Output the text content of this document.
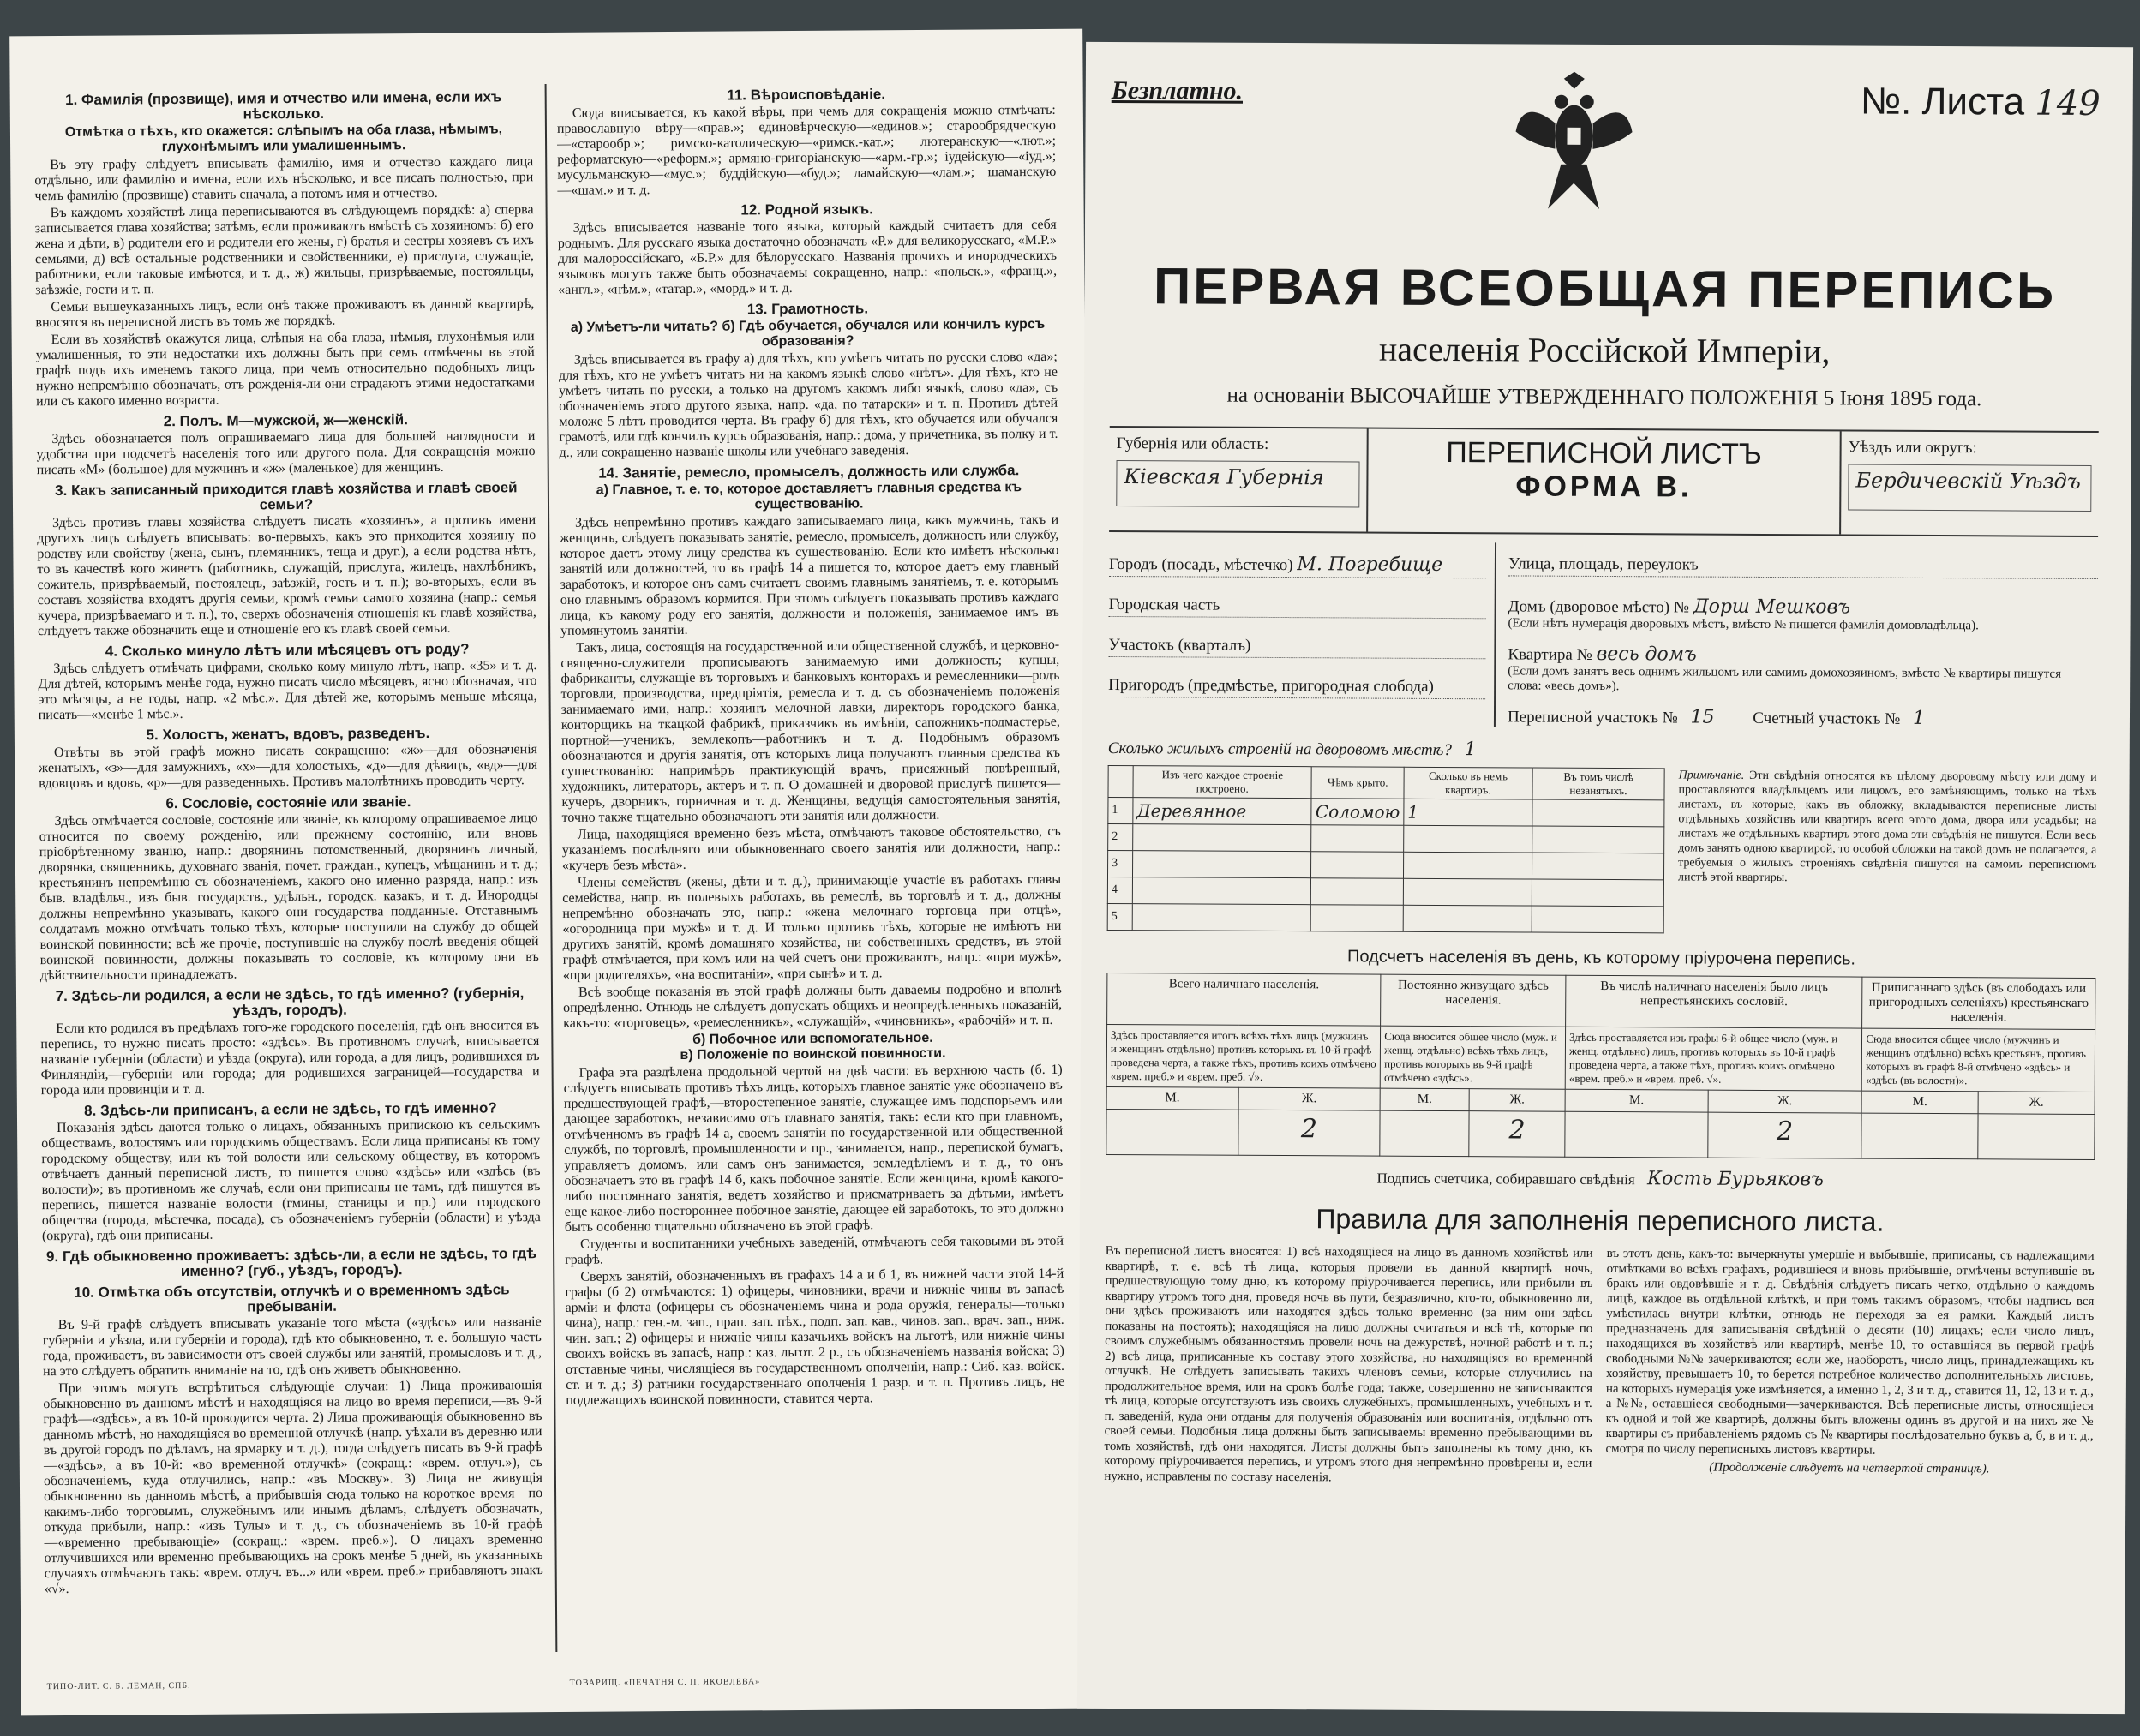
1. Фамилія (прозвище), имя и отчество или имена, если ихъ нѣсколько.
Отмѣтка о тѣхъ, кто окажется: слѣпымъ на оба глаза, нѣмымъ, глухонѣмымъ или умалишеннымъ.
Въ эту графу слѣдуетъ вписывать фамилію, имя и отчество каждаго лица отдѣльно, или фамилію и имена, если ихъ нѣсколько, и все писать полностью, при чемъ фамилію (прозвище) ставить сначала, а потомъ имя и отчество.
Въ каждомъ хозяйствѣ лица переписываются въ слѣдующемъ порядкѣ: а) сперва записывается глава хозяйства; затѣмъ, если проживаютъ вмѣстѣ съ хозяиномъ: б) его жена и дѣти, в) родители его и родители его жены, г) братья и сестры хозяевъ съ ихъ семьями, д) всѣ остальные родственники и свойственники, е) прислуга, служащіе, работники, если таковые имѣются, и т. д., ж) жильцы, призрѣваемые, постояльцы, заѣзжіе, гости и т. п.
Семьи вышеуказанныхъ лицъ, если онѣ также проживаютъ въ данной квартирѣ, вносятся въ переписной листъ въ томъ же порядкѣ.
Если въ хозяйствѣ окажутся лица, слѣпыя на оба глаза, нѣмыя, глухонѣмыя или умалишенныя, то эти недостатки ихъ должны быть при семъ отмѣчены въ этой графѣ подъ ихъ именемъ такого лица, при чемъ относительно подобныхъ лицъ нужно непремѣнно обозначать, отъ рожденія-ли они страдаютъ этими недостатками или съ какого именно возраста.
2. Полъ. М—мужской, ж—женскій.
Здѣсь обозначается полъ опрашиваемаго лица для большей наглядности и удобства при подсчетѣ населенія того или другого пола. Для сокращенія можно писать «М» (большое) для мужчинъ и «ж» (маленькое) для женщинъ.
3. Какъ записанный приходится главѣ хозяйства и главѣ своей семьи?
Здѣсь противъ главы хозяйства слѣдуетъ писать «хозяинъ», а противъ имени другихъ лицъ слѣдуетъ вписывать: во-первыхъ, какъ это приходится хозяину по родству или свойству (жена, сынъ, племянникъ, теща и друг.), а если родства нѣтъ, то въ качествѣ кого живетъ (работникъ, служащій, прислуга, жилецъ, нахлѣбникъ, сожитель, призрѣваемый, постоялецъ, заѣзжій, гость и т. п.); во-вторыхъ, если въ составъ хозяйства входятъ другія семьи, кромѣ семьи самого хозяина (напр.: семья кучера, призрѣваемаго и т. п.), то, сверхъ обозначенія отношенія къ главѣ хозяйства, слѣдуетъ также обозначить еще и отношеніе его къ главѣ своей семьи.
4. Сколько минуло лѣтъ или мѣсяцевъ отъ роду?
Здѣсь слѣдуетъ отмѣчать цифрами, сколько кому минуло лѣтъ, напр. «35» и т. д. Для дѣтей, которымъ менѣе года, нужно писать число мѣсяцевъ, ясно обозначая, что это мѣсяцы, а не годы, напр. «2 мѣс.». Для дѣтей же, которымъ меньше мѣсяца, писать—«менѣе 1 мѣс.».
5. Холостъ, женатъ, вдовъ, разведенъ.
Отвѣты въ этой графѣ можно писать сокращенно: «ж»—для обозначенія женатыхъ, «з»—для замужнихъ, «х»—для холостыхъ, «д»—для дѣвицъ, «вд»—для вдовцовъ и вдовъ, «р»—для разведенныхъ. Противъ малолѣтнихъ проводить черту.
6. Сословіе, состояніе или званіе.
Здѣсь отмѣчается сословіе, состояніе или званіе, къ которому опрашиваемое лицо относится по своему рожденію, или прежнему состоянію, или вновь пріобрѣтенному званію, напр.: дворянинъ потомственный, дворянинъ личный, дворянка, священникъ, духовнаго званія, почет. граждан., купецъ, мѣщанинъ и т. д.; крестьянинъ непремѣнно съ обозначеніемъ, какого оно именно разряда, напр.: изъ быв. владѣльч., изъ быв. государств., удѣльн., городск. казакъ, и т. д. Инородцы должны непремѣнно указывать, какого они государства подданные. Отставнымъ солдатамъ можно отмѣчать только тѣхъ, которые поступили на службу до общей воинской повинности; всѣ же прочіе, поступившіе на службу послѣ введенія общей воинской повинности, должны показывать то сословіе, къ которому они въ дѣйствительности принадлежатъ.
7. Здѣсь-ли родился, а если не здѣсь, то гдѣ именно? (губернія, уѣздъ, городъ).
Если кто родился въ предѣлахъ того-же городского поселенія, гдѣ онъ вносится въ перепись, то нужно писать просто: «здѣсь». Въ противномъ случаѣ, вписывается названіе губерніи (области) и уѣзда (округа), или города, а для лицъ, родившихся въ Финляндіи,—губерніи или города; для родившихся заграницей—государства и города или провинціи и т. д.
8. Здѣсь-ли приписанъ, а если не здѣсь, то гдѣ именно?
Показанія здѣсь даются только о лицахъ, обязанныхъ припискою къ сельскимъ обществамъ, волостямъ или городскимъ обществамъ. Если лица приписаны къ тому городскому обществу, или къ той волости или сельскому обществу, въ которомъ отвѣчаетъ данный переписной листъ, то пишется слово «здѣсь» или «здѣсь (въ волости)»; въ противномъ же случаѣ, если они приписаны не тамъ, гдѣ пишутся въ перепись, пишется названіе волости (гмины, станицы и пр.) или городского общества (города, мѣстечка, посада), съ обозначеніемъ губерніи (области) и уѣзда (округа), гдѣ они приписаны.
9. Гдѣ обыкновенно проживаетъ: здѣсь-ли, а если не здѣсь, то гдѣ именно? (губ., уѣздъ, городъ).
10. Отмѣтка объ отсутствіи, отлучкѣ и о временномъ здѣсь пребываніи.
Въ 9-й графѣ слѣдуетъ вписывать указаніе того мѣста («здѣсь» или названіе губерніи и уѣзда, или губерніи и города), гдѣ кто обыкновенно, т. е. большую часть года, проживаетъ, въ зависимости отъ своей службы или занятій, промысловъ и т. д., на это слѣдуетъ обратить вниманіе на то, гдѣ онъ живетъ обыкновенно.
При этомъ могутъ встрѣтиться слѣдующіе случаи: 1) Лица проживающія обыкновенно въ данномъ мѣстѣ и находящіяся на лицо во время переписи,—въ 9-й графѣ—«здѣсь», а въ 10-й проводится черта. 2) Лица проживающія обыкновенно въ данномъ мѣстѣ, но находящіяся во временной отлучкѣ (напр. уѣхали въ деревню или въ другой городъ по дѣламъ, на ярмарку и т. д.), тогда слѣдуетъ писать въ 9-й графѣ—«здѣсь», а въ 10-й: «во временной отлучкѣ» (сокращ.: «врем. отлуч.»), съ обозначеніемъ, куда отлучились, напр.: «въ Москву». 3) Лица не живущія обыкновенно въ данномъ мѣстѣ, а прибывшія сюда только на короткое время—по какимъ-либо торговымъ, служебнымъ или инымъ дѣламъ, слѣдуетъ обозначать, откуда прибыли, напр.: «изъ Тулы» и т. д., съ обозначеніемъ въ 10-й графѣ—«временно пребывающіе» (сокращ.: «врем. преб.»). О лицахъ временно отлучившихся или временно пребывающихъ на срокъ менѣе 5 дней, въ указанныхъ случаяхъ отмѣчаютъ такъ: «врем. отлуч. въ...» или «врем. преб.» прибавляютъ знакъ «√».
11. Вѣроисповѣданіе.
Сюда вписывается, къ какой вѣры, при чемъ для сокращенія можно отмѣчать: православную вѣру—«прав.»; единовѣрческую—«единов.»; старообрядческую—«старообр.»; римско-католическую—«римск.-кат.»; лютеранскую—«лют.»; реформатскую—«реформ.»; армяно-григоріанскую—«арм.-гр.»; іудейскую—«іуд.»; мусульманскую—«мус.»; буддійскую—«буд.»; ламайскую—«лам.»; шаманскую—«шам.» и т. д.
12. Родной языкъ.
Здѣсь вписывается названіе того языка, который каждый считаетъ для себя роднымъ. Для русскаго языка достаточно обозначать «Р.» для великорусскаго, «М.Р.» для малороссійскаго, «Б.Р.» для бѣлорусскаго. Названія прочихъ и инородческихъ языковъ могутъ также быть обозначаемы сокращенно, напр.: «польск.», «франц.», «англ.», «нѣм.», «татар.», «морд.» и т. д.
13. Грамотность.
а) Умѣетъ-ли читать? б) Гдѣ обучается, обучался или кончилъ курсъ образованія?
Здѣсь вписывается въ графу а) для тѣхъ, кто умѣетъ читать по русски слово «да»; для тѣхъ, кто не умѣетъ читать ни на какомъ языкѣ слово «нѣтъ». Для тѣхъ, кто не умѣетъ читать по русски, а только на другомъ какомъ либо языкѣ, слово «да», съ обозначеніемъ этого другого языка, напр. «да, по татарски» и т. п. Противъ дѣтей моложе 5 лѣтъ проводится черта. Въ графу б) для тѣхъ, кто обучается или обучался грамотѣ, или гдѣ кончилъ курсъ образованія, напр.: дома, у причетника, въ полку и т. д., или сокращенно названіе школы или учебнаго заведенія.
14. Занятіе, ремесло, промыселъ, должность или служба.
а) Главное, т. е. то, которое доставляетъ главныя средства къ существованію.
Здѣсь непремѣнно противъ каждаго записываемаго лица, какъ мужчинъ, такъ и женщинъ, слѣдуетъ показывать занятіе, ремесло, промыселъ, должность или службу, которое даетъ этому лицу средства къ существованію. Если кто имѣетъ нѣсколько занятій или должностей, то въ графѣ 14 а пишется то, которое даетъ ему главный заработокъ, и которое онъ самъ считаетъ своимъ главнымъ занятіемъ, т. е. которымъ оно главнымъ образомъ кормится. При этомъ слѣдуетъ показывать противъ каждаго лица, къ какому роду его занятія, должности и положенія, занимаемое имъ въ упомянутомъ занятіи.
Такъ, лица, состоящія на государственной или общественной службѣ, и церковно-священно-служители прописываютъ занимаемую ими должность; купцы, фабриканты, служащіе въ торговыхъ и банковыхъ конторахъ и ремесленники—родъ торговли, производства, предпріятія, ремесла и т. д. съ обозначеніемъ положенія занимаемаго ими, напр.: хозяинъ мелочной лавки, директоръ городского банка, конторщикъ на ткацкой фабрикѣ, приказчикъ въ имѣніи, сапожникъ-подмастерье, портной—ученикъ, землекопъ—работникъ и т. д. Подобнымъ образомъ обозначаются и другія занятія, отъ которыхъ лица получаютъ главныя средства къ существованію: напримѣръ практикующій врачъ, присяжный повѣренный, художникъ, литераторъ, актеръ и т. п. О домашней и дворовой прислугѣ пишется—кучеръ, дворникъ, горничная и т. д. Женщины, ведущія самостоятельныя занятія, точно также тщательно обозначаютъ эти занятія или должности.
Лица, находящіяся временно безъ мѣста, отмѣчаютъ таковое обстоятельство, съ указаніемъ послѣдняго или обыкновеннаго своего занятія или должности, напр.: «кучеръ безъ мѣста».
Члены семействъ (жены, дѣти и т. д.), принимающіе участіе въ работахъ главы семейства, напр. въ полевыхъ работахъ, въ ремеслѣ, въ торговлѣ и т. д., должны непремѣнно обозначать это, напр.: «жена мелочнаго торговца при отцѣ», «огородница при мужѣ» и т. д. И только противъ тѣхъ, которые не имѣютъ ни другихъ занятій, кромѣ домашняго хозяйства, ни собственныхъ средствъ, въ этой графѣ отмѣчается, при комъ или на чей счетъ они проживаютъ, напр.: «при мужѣ», «при родителяхъ», «на воспитаніи», «при сынѣ» и т. д.
Всѣ вообще показанія въ этой графѣ должны быть даваемы подробно и вполнѣ опредѣленно. Отнюдь не слѣдуетъ допускать общихъ и неопредѣленныхъ показаній, какъ-то: «торговецъ», «ремесленникъ», «служащій», «чиновникъ», «рабочій» и т. п.
б) Побочное или вспомогательное.
в) Положеніе по воинской повинности.
Графа эта раздѣлена продольной чертой на двѣ части: въ верхнюю часть (б. 1) слѣдуетъ вписывать противъ тѣхъ лицъ, которыхъ главное занятіе уже обозначено въ предшествующей графѣ,—второстепенное занятіе, служащее имъ подспорьемъ или дающее заработокъ, независимо отъ главнаго занятія, такъ: если кто при главномъ, отмѣченномъ въ графѣ 14 а, своемъ занятіи по государственной или общественной службѣ, по торговлѣ, промышленности и пр., занимается, напр., перепиской бумагъ, управляетъ домомъ, или самъ онъ занимается, земледѣліемъ и т. д., то онъ обозначаетъ это въ графѣ 14 б, какъ побочное занятіе. Если женщина, кромѣ какого-либо постояннаго занятія, ведетъ хозяйство и присматриваетъ за дѣтьми, имѣетъ еще какое-либо постороннее побочное занятіе, дающее ей заработокъ, то это должно быть особенно тщательно обозначено въ этой графѣ.
Студенты и воспитанники учебныхъ заведеній, отмѣчаютъ себя таковыми въ этой графѣ.
Сверхъ занятій, обозначенныхъ въ графахъ 14 а и б 1, въ нижней части этой 14-й графы (б 2) отмѣчаются: 1) офицеры, чиновники, врачи и нижніе чины въ запасѣ арміи и флота (офицеры съ обозначеніемъ чина и рода оружія, генералы—только чина), напр.: ген.-м. зап., прап. зап. пѣх., подп. зап. кав., чинов. зап., врач. зап., ниж. чин. зап.; 2) офицеры и нижніе чины казачьихъ войскъ на льготѣ, или нижніе чины своихъ войскъ въ запасѣ, напр.: каз. льгот. 2 р., съ обозначеніемъ названія войска; 3) отставные чины, числящіеся въ государственномъ ополченіи, напр.: Сиб. каз. войск. ст. и т. д.; 3) ратники государственнаго ополченія 1 разр. и т. п. Противъ лицъ, не подлежащихъ воинской повинности, ставится черта.
ТИПО-ЛИТ. С. Б. ЛЕМАН, СПБ.	ТОВАРИЩ. «ПЕЧАТНЯ С. П. ЯКОВЛЕВА»
Безплатно.	№. Листа 149
ПЕРВАЯ ВСЕОБЩАЯ ПЕРЕПИСЬ
населенія Россійской Имперіи,
на основаніи ВЫСОЧАЙШЕ УТВЕРЖДЕННАГО ПОЛОЖЕНІЯ 5 Іюня 1895 года.
Губернія или область:
Кіевская Губернія
ПЕРЕПИСНОЙ ЛИСТЪ
ФОРМА В.
Уѣздъ или округъ:
Бердичевскій Уѣздъ
Городъ (посадъ, мѣстечко) М. Погребище
Городская часть
Участокъ (кварталъ)
Пригородъ (предмѣстье, пригородная слобода)
Улица, площадь, переулокъ
Домъ (дворовое мѣсто) № Дорш Мешковъ
(Если нѣтъ нумерація дворовыхъ мѣстъ, вмѣсто № пишется фамилія домовладѣльца).
Квартира № весь домъ
(Если домъ занятъ весь однимъ жильцомъ или самимъ домохозяиномъ, вмѣсто № квартиры пишутся слова: «весь домъ»).
Переписной участокъ № 15 Счетный участокъ № 1
Сколько жилыхъ строеній на дворовомъ мѣстѣ? 1
	Изъ чего каждое строеніе построено.	Чѣмъ крыто.	Сколько въ немъ квартиръ.	Въ томъ числѣ незанятыхъ.
1	Деревянное	Соломою	1	
2				
3				
4				
5				
Примѣчаніе. Эти свѣдѣнія относятся къ цѣлому дворовому мѣсту или дому и проставляются владѣльцемъ или лицомъ, его замѣняющимъ, только на тѣхъ листахъ, въ которые, какъ въ обложку, вкладываются переписные листы отдѣльныхъ хозяйствъ или квартиръ всего этого дома, двора или усадьбы; на листахъ же отдѣльныхъ квартиръ этого дома эти свѣдѣнія не пишутся. Если весь домъ занятъ одною квартирой, то особой обложки на такой домъ не полагается, а требуемыя о жилыхъ строеніяхъ свѣдѣнія пишутся на самомъ переписномъ листѣ этой квартиры.
Подсчетъ населенія въ день, къ которому пріурочена перепись.
Всего наличнаго населенія.		Постоянно живущаго здѣсь населенія.		Въ числѣ наличнаго населенія было лицъ непрестьянскихъ сословій.		Приписаннаго здѣсь (въ слободахъ или пригородныхъ селеніяхъ) крестьянскаго населенія.	
Здѣсь проставляется итогъ всѣхъ тѣхъ лицъ (мужчинъ и женщинъ отдѣльно) противъ которыхъ въ 10-й графѣ проведена черта, а также тѣхъ, противъ коихъ отмѣчено «врем. преб.» и «врем. преб. √».		Сюда вносится общее число (муж. и женщ. отдѣльно) всѣхъ тѣхъ лицъ, противъ которыхъ въ 9-й графѣ отмѣчено «здѣсь».		Здѣсь проставляется изъ графы 6-й общее число (муж. и женщ. отдѣльно) лицъ, противъ которыхъ въ 10-й графѣ проведена черта, а также тѣхъ, противъ коихъ отмѣчено «врем. преб.» и «врем. преб. √».		Сюда вносится общее число (мужчинъ и женщинъ отдѣльно) всѣхъ крестьянъ, противъ которыхъ въ графѣ 8-й отмѣчено «здѣсь» и «здѣсь (въ волости)».	
М.	Ж.	М.	Ж.	М.	Ж.	М.	Ж.
	2		2		2		
Подпись счетчика, собиравшаго свѣдѣнія Кость Бурьяковъ
Правила для заполненія переписного листа.
Въ переписной листъ вносятся: 1) всѣ находящіеся на лицо въ данномъ хозяйствѣ или квартирѣ, т. е. всѣ тѣ лица, которыя провели въ данной квартирѣ ночь, предшествующую тому дню, къ которому пріурочивается перепись, или прибыли въ квартиру утромъ того дня, проведя ночь въ пути, безразлично, кто-то, обыкновенно ли, они здѣсь проживаютъ или находятся здѣсь только временно (за ним они здѣсь показаны на постоять); находящіяся на лицо должны считаться и всѣ тѣ, которые по своимъ служебнымъ обязанностямъ провели ночь на дежурствѣ, ночной работѣ и т. п.; 2) всѣ лица, приписанные къ составу этого хозяйства, но находящіяся во временной отлучкѣ. Не слѣдуетъ записывать такихъ членовъ семьи, которые отлучились на продолжительное время, или на срокъ болѣе года; также, совершенно не записываются тѣ лица, которые отсутствуютъ изъ своихъ служебныхъ, промышленныхъ, учебныхъ и т. п. заведеній, куда они отданы для полученія образованія или воспитанія, отдѣльно отъ своей семьи. Подобныя лица должны быть записываемы временно пребывающими въ томъ хозяйствѣ, гдѣ они находятся. Листы должны быть заполнены къ тому дню, къ которому пріурочивается перепись, и утромъ этого дня непремѣнно провѣрены и, если нужно, исправлены по составу населенія.
въ этотъ день, какъ-то: вычеркнуты умершіе и выбывшіе, приписаны, съ надлежащими отмѣтками во всѣхъ графахъ, родившіеся и вновь прибывшіе, отмѣчены вступившіе въ бракъ или овдовѣвшіе и т. д. Свѣдѣнія слѣдуетъ писать четко, отдѣльно о каждомъ лицѣ, каждое въ отдѣльной клѣткѣ, и при томъ такимъ образомъ, чтобы надпись вся умѣстилась внутри клѣтки, отнюдь не переходя за ея рамки. Каждый листъ предназначенъ для записыванія свѣдѣній о десяти (10) лицахъ; если число лицъ, находящихся въ хозяйствѣ или квартирѣ, менѣе 10, то оставшіяся въ первой графѣ свободными №№ зачеркиваются; если же, наоборотъ, число лицъ, принадлежащихъ къ хозяйству, превышаетъ 10, то берется потребное количество дополнительныхъ листовъ, на которыхъ нумерація уже измѣняется, а именно 1, 2, 3 и т. д., ставится 11, 12, 13 и т. д., а №№, оставшіеся свободными—зачеркиваются. Всѣ переписные листы, относящіеся къ одной и той же квартирѣ, должны быть вложены одинъ въ другой и на нихъ же № квартиры съ прибавленіемъ рядомъ съ № квартиры послѣдовательно буквъ а, б, в и т. д., смотря по числу переписныхъ листовъ квартиры.
(Продолженіе слѣдуетъ на четвертой страницѣ).
